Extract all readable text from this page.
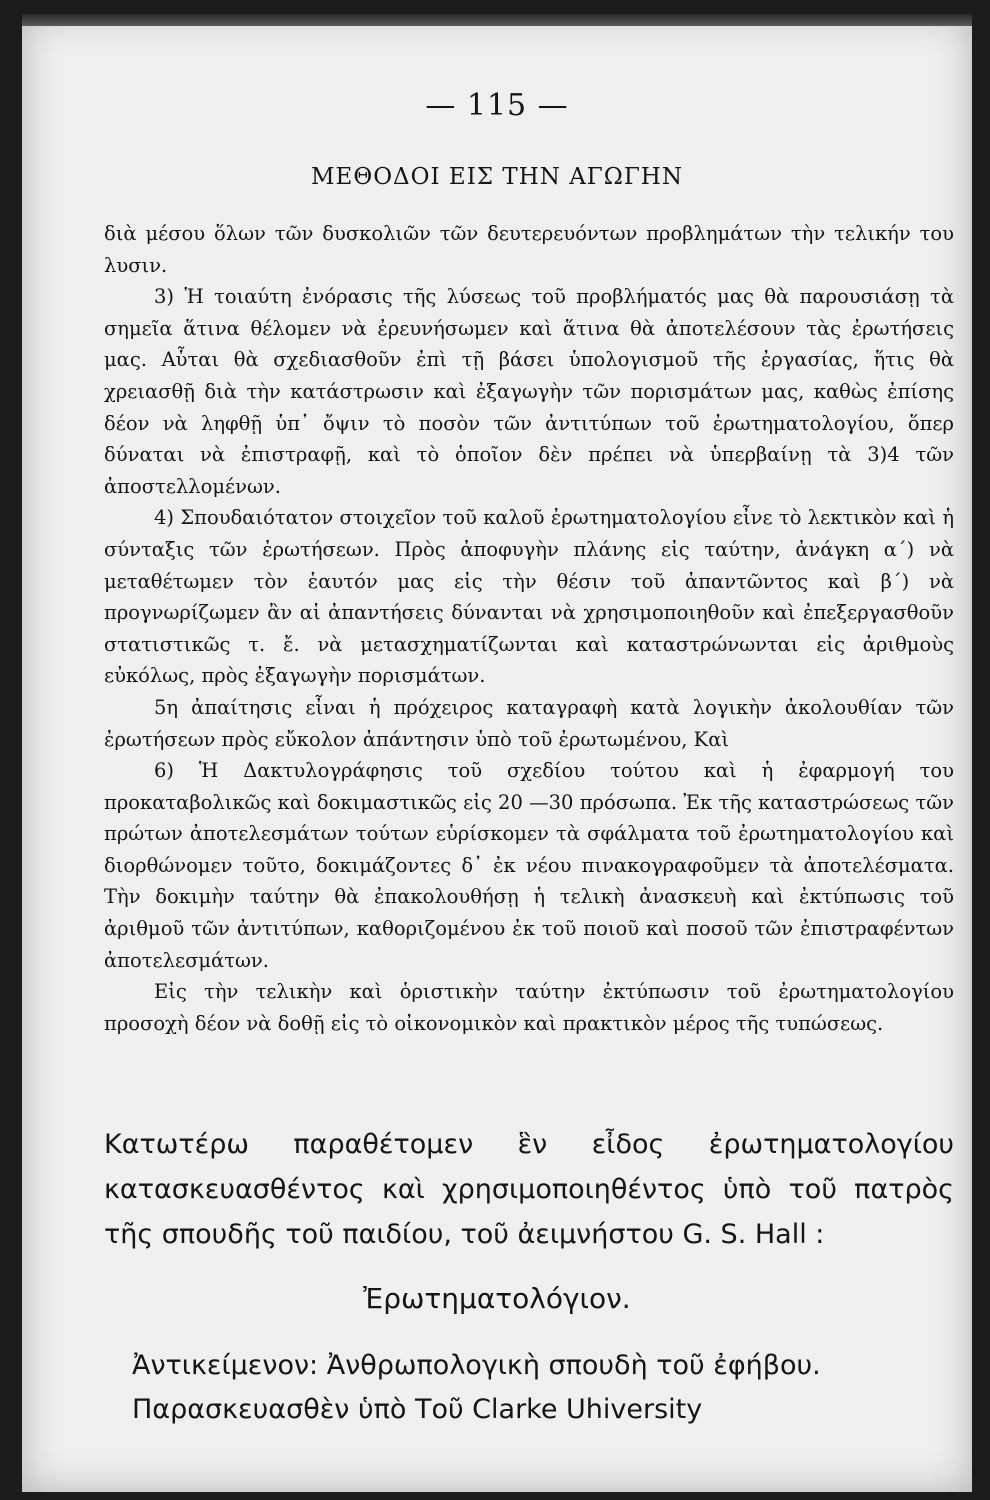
— 115 —
ΜΕΘΟΔΟΙ ΕΙΣ ΤΗΝ ΑΓΩΓΗΝ

διὰ μέσου ὅλων τῶν δυσκολιῶν τῶν δευτερευόντων προβλημάτων τὴν τελικήν του λυσιν.

3) Ἡ τοιαύτη ἐνόρασις τῆς λύσεως τοῦ προβλήματός μας θὰ παρουσιάσῃ τὰ σημεῖα ἅτινα θέλομεν νὰ ἐρευνήσωμεν καὶ ἅτινα θὰ ἀποτελέσουν τὰς ἐρωτήσεις μας. Αὗται θὰ σχεδιασθοῦν ἐπὶ τῇ βάσει ὑπολογισμοῦ τῆς ἐργασίας, ἥτις θὰ χρειασθῇ διὰ τὴν κατάστρωσιν καὶ ἐξαγωγὴν τῶν πορισμάτων μας, καθὼς ἐπίσης δέον νὰ ληφθῇ ὑπ᾿ ὄψιν τὸ ποσὸν τῶν ἀντιτύπων τοῦ ἐρωτηματολογίου, ὅπερ δύναται νὰ ἐπιστραφῇ, καὶ τὸ ὁποῖον δὲν πρέπει νὰ ὑπερβαίνῃ τὰ 3)4 τῶν ἀποστελλομένων.

4) Σπουδαιότατον στοιχεῖον τοῦ καλοῦ ἐρωτηματολογίου εἶνε τὸ λεκτικὸν καὶ ἡ σύνταξις τῶν ἐρωτήσεων. Πρὸς ἀποφυγὴν πλάνης εἰς ταύτην, ἀνάγκη α΄) νὰ μεταθέτωμεν τὸν ἑαυτόν μας εἰς τὴν θέσιν τοῦ ἀπαντῶντος καὶ β΄) νὰ προγνωρίζωμεν ἂν αἱ ἀπαντήσεις δύνανται νὰ χρησιμοποιηθοῦν καὶ ἐπεξεργασθοῦν στατιστικῶς τ. ἔ. νὰ μετασχηματίζωνται καὶ καταστρώνωνται εἰς ἀριθμοὺς εὐκόλως, πρὸς ἐξαγωγὴν πορισμάτων.

5η ἀπαίτησις εἶναι ἡ πρόχειρος καταγραφὴ κατὰ λογικὴν ἀκολουθίαν τῶν ἐρωτήσεων πρὸς εὔκολον ἀπάντησιν ὑπὸ τοῦ ἐρωτωμένου, Καὶ

6) Ἡ Δακτυλογράφησις τοῦ σχεδίου τούτου καὶ ἡ ἐφαρμογή του προκαταβολικῶς καὶ δοκιμαστικῶς εἰς 20 —30 πρόσωπα. Ἐκ τῆς καταστρώσεως τῶν πρώτων ἀποτελεσμάτων τούτων εὑρίσκομεν τὰ σφάλματα τοῦ ἐρωτηματολογίου καὶ διορθώνομεν τοῦτο, δοκιμάζοντες δ᾿ ἐκ νέου πινακογραφοῦμεν τὰ ἀποτελέσματα. Τὴν δοκιμὴν ταύτην θὰ ἐπακολουθήσῃ ἡ τελικὴ ἀνασκευὴ καὶ ἐκτύπωσις τοῦ ἀριθμοῦ τῶν ἀντιτύπων, καθοριζομένου ἐκ τοῦ ποιοῦ καὶ ποσοῦ τῶν ἐπιστραφέντων ἀποτελεσμάτων.

Εἰς τὴν τελικὴν καὶ ὁριστικὴν ταύτην ἐκτύπωσιν τοῦ ἐρωτηματολογίου προσοχὴ δέον νὰ δοθῇ εἰς τὸ οἰκονομικὸν καὶ πρακτικὸν μέρος τῆς τυπώσεως.

Κατωτέρω παραθέτομεν ἓν εἶδος ἐρωτηματολογίου κατασκευασθέντος καὶ χρησιμοποιηθέντος ὑπὸ τοῦ πατρὸς τῆς σπουδῆς τοῦ παιδίου, τοῦ ἀειμνήστου G. S. Hall :

Ἐρωτηματολόγιον.

Ἀντικείμενον: Ἀνθρωπολογικὴ σπουδὴ τοῦ ἐφήβου.

Παρασκευασθὲν ὑπὸ Τοῦ Clarke Uhiversity
